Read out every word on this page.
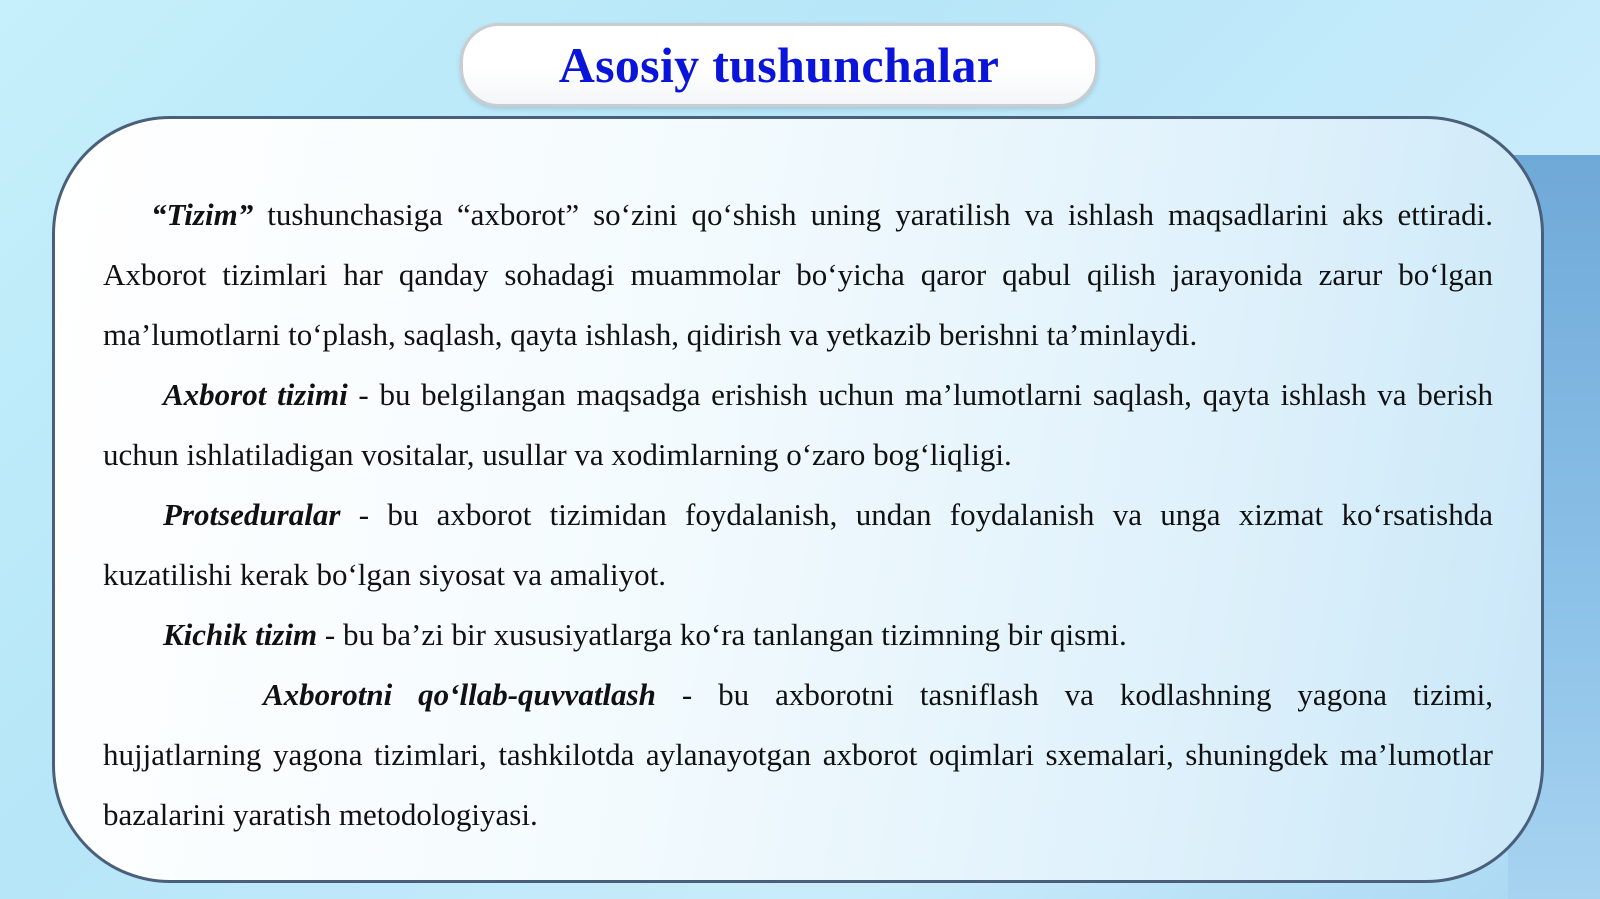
Asosiy tushunchalar

“Tizim” tushunchasiga “axborot” so‘zini qo‘shish uning yaratilish va ishlash maqsadlarini aks ettiradi. Axborot tizimlari har qanday sohadagi muammolar bo‘yicha qaror qabul qilish jarayonida zarur bo‘lgan ma’lumotlarni to‘plash, saqlash, qayta ishlash, qidirish va yetkazib berishni ta’minlaydi.

Axborot tizimi - bu belgilangan maqsadga erishish uchun ma’lumotlarni saqlash, qayta ishlash va berish uchun ishlatiladigan vositalar, usullar va xodimlarning o‘zaro bog‘liqligi.

Protseduralar - bu axborot tizimidan foydalanish, undan foydalanish va unga xizmat ko‘rsatishda kuzatilishi kerak bo‘lgan siyosat va amaliyot.

Kichik tizim - bu ba’zi bir xususiyatlarga ko‘ra tanlangan tizimning bir qismi.

Axborotni qo‘llab-quvvatlash - bu axborotni tasniflash va kodlashning yagona tizimi, hujjatlarning yagona tizimlari, tashkilotda aylanayotgan axborot oqimlari sxemalari, shuningdek ma’lumotlar bazalarini yaratish metodologiyasi.
